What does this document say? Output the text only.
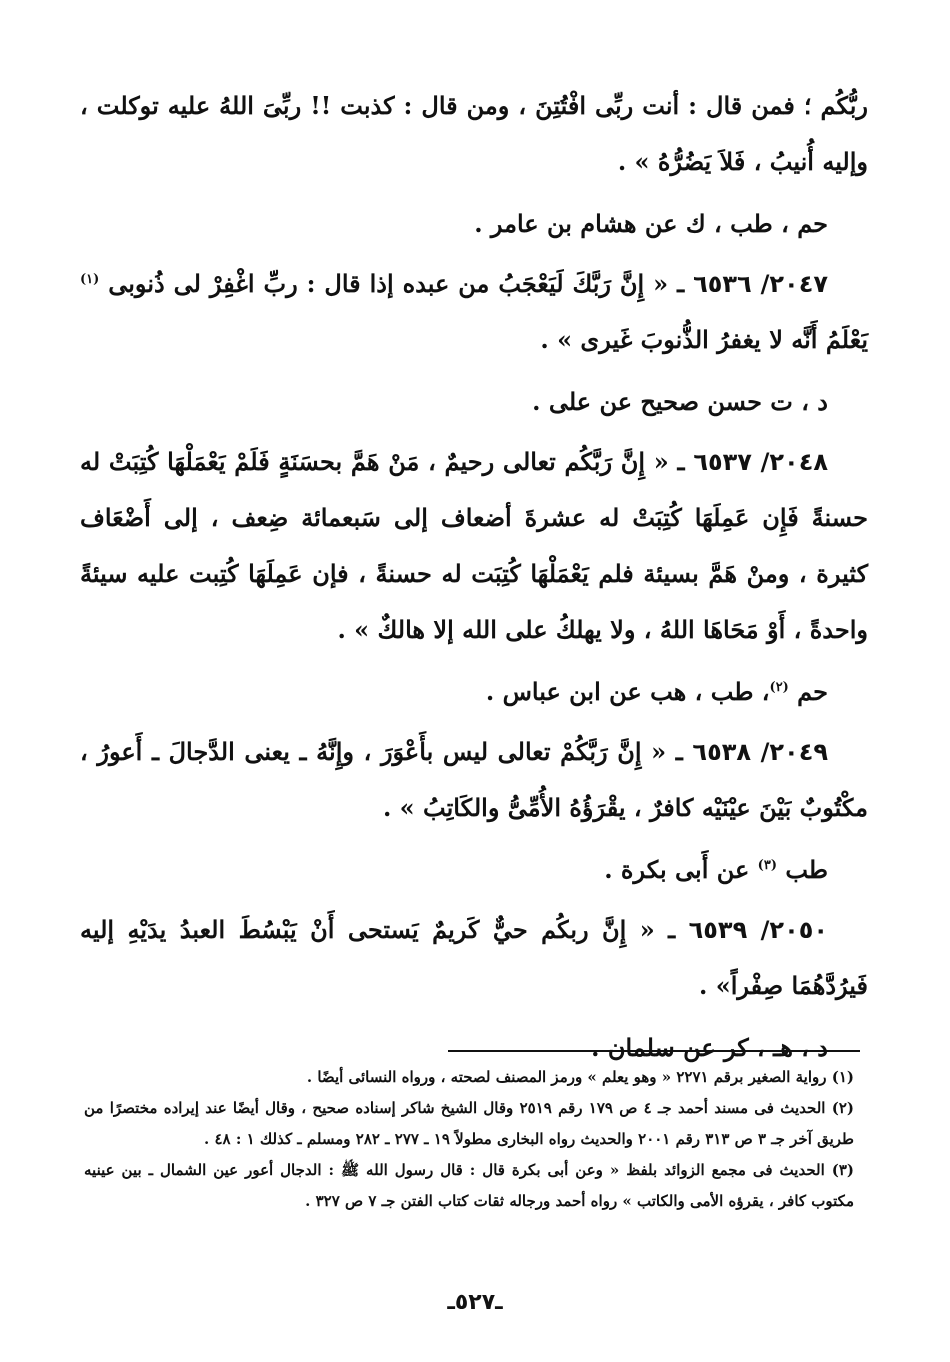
ربُّكُم ؛ فمن قال : أنت ربِّى افْتُتِنَ ، ومن قال : كذبت !! ربِّىَ اللهُ عليه توكلت ، وإليه أُنيبُ ، فَلاَ يَضُرُّهُ » .

حم ، طب ، ك عن هشام بن عامر .

٢٠٤٧/ ٦٥٣٦ ـ « إِنَّ رَبَّكَ لَيَعْجَبُ من عبده إذا قال : ربِّ اغْفِرْ لى ذُنوبى $^{(١)}$ يَعْلَمُ أَنَّه لا يغفرُ الذُّنوبَ غَيرى » .

د ، ت حسن صحيح عن على .

٢٠٤٨/ ٦٥٣٧ ـ « إِنَّ رَبَّكُم تعالى رحيمٌ ، مَنْ هَمَّ بحسَنَةٍ فَلَمْ يَعْمَلْهَا كُتِبَتْ له حسنةً فَإِن عَمِلَهَا كُتِبَتْ له عشرةَ أضعاف إلى سَبعمائة ضِعف ، إلى أَضْعَاف كثيرة ، ومنْ هَمَّ بسيئة فلم يَعْمَلْهَا كُتِبَت له حسنةً ، فإن عَمِلَهَا كُتِبت عليه سيئةً واحدةً ، أَوْ مَحَاهَا اللهُ ، ولا يهلكُ على الله إلا هالكٌ » .

حم $^{(٢)}$، طب ، هب عن ابن عباس .

٢٠٤٩/ ٦٥٣٨ ـ « إِنَّ رَبَّكُمْ تعالى ليس بأَعْوَرَ ، وإِنَّهُ ـ يعنى الدَّجالَ ـ أَعورُ ، مكْتُوبٌ بَيْنَ عيْنَيْه كافرٌ ، يقْرَؤُهُ الأُمِّىُّ والكَاتِبُ » .

طب $^{(٣)}$ عن أَبى بكرة .

٢٠٥٠/ ٦٥٣٩ ـ « إِنَّ ربكُم حيٌّ كَريمٌ يَستحى أَنْ يَبْسُطَ العبدُ يدَيْهِ إليه فَيرُدَّهُمَا صِفْراً» .

د ، هـ ، كر عن سلمان .

(١) رواية الصغير برقم ٢٢٧١ « وهو يعلم » ورمز المصنف لصحته ، ورواه النسائى أيضًا .

(٢) الحديث فى مسند أحمد جـ ٤ ص ١٧٩ رقم ٢٥١٩ وقال الشيخ شاكر إسناده صحيح ، وقال أيضًا عند إيراده مختصرًا من طريق آخر جـ ٣ ص ٣١٣ رقم ٢٠٠١ والحديث رواه البخارى مطولاً ١٩ ـ ٢٧٧ ـ ٢٨٢ ومسلم ـ كذلك ١ : ٤٨ .

(٣) الحديث فى مجمع الزوائد بلفظ « وعن أبى بكرة قال : قال رسول الله ﷺ : الدجال أعور عين الشمال ـ بين عينيه مكتوب كافر ، يقرؤه الأمى والكاتب » رواه أحمد ورجاله ثقات كتاب الفتن جـ ٧ ص ٣٢٧ .

ـ٥٢٧ـ
